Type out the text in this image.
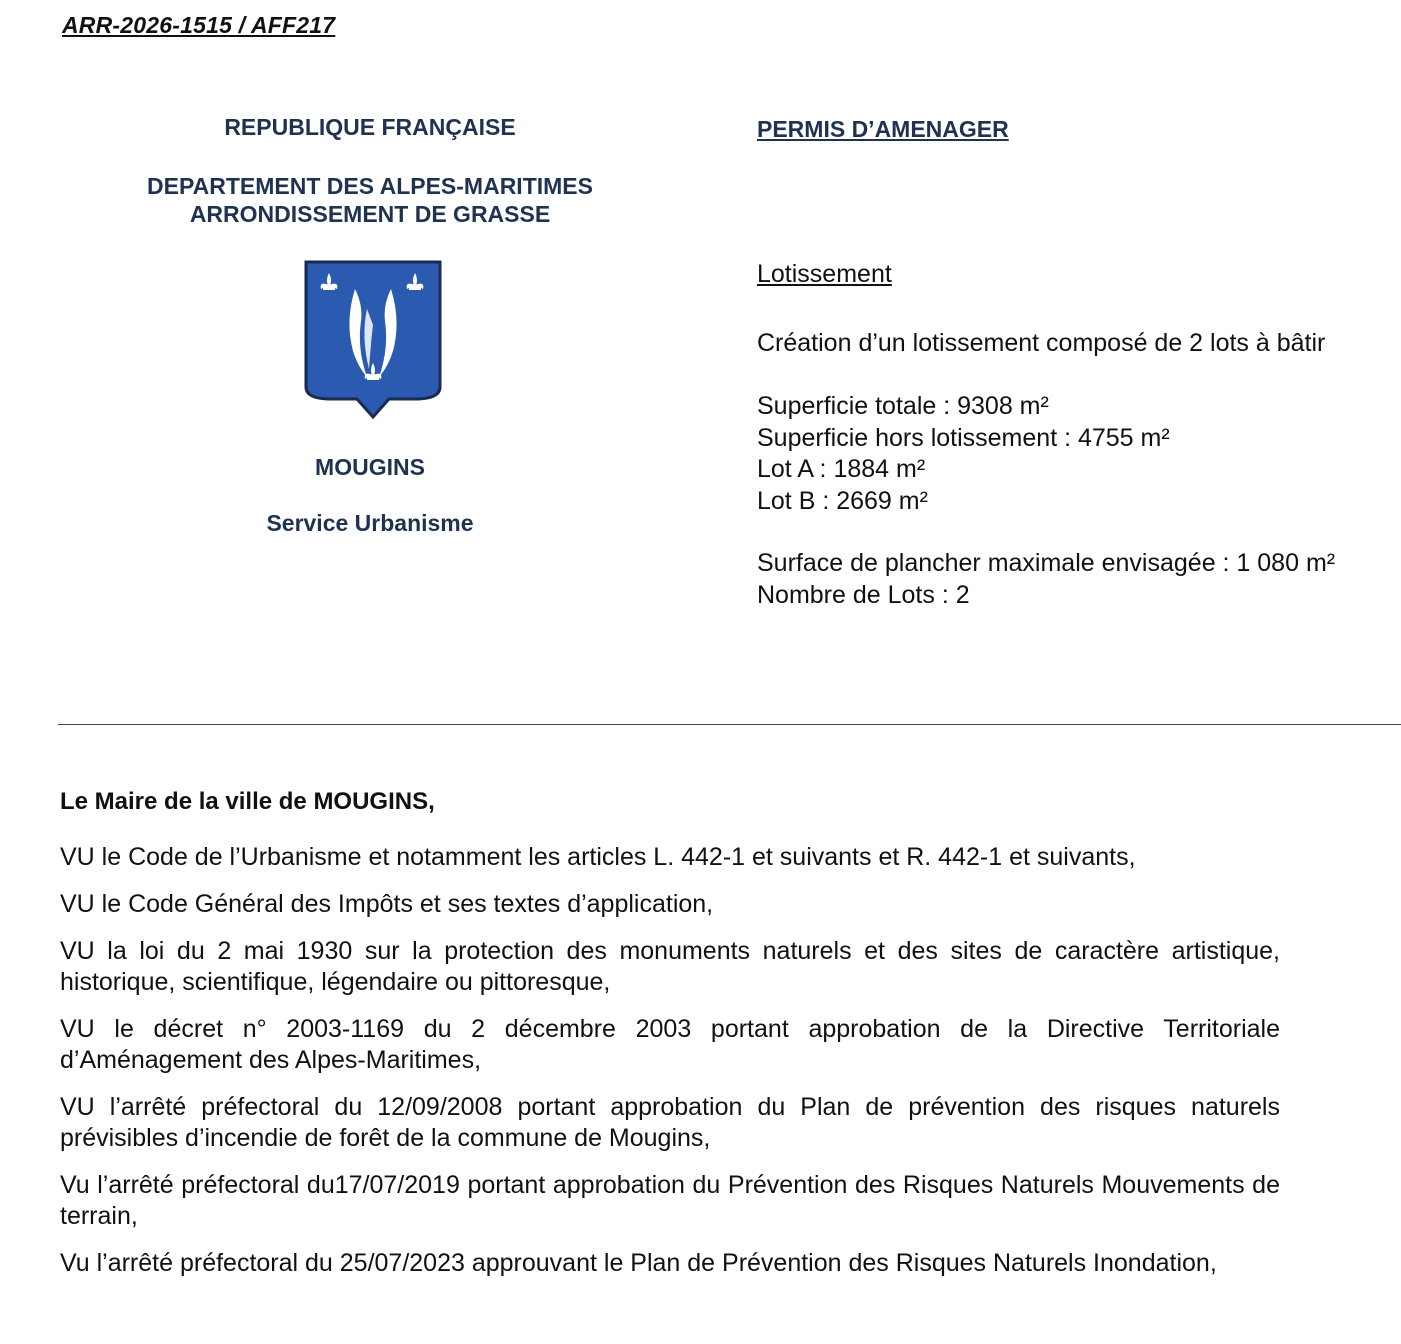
ARR-2026-1515 / AFF217
REPUBLIQUE FRANÇAISE
DEPARTEMENT DES ALPES-MARITIMES
ARRONDISSEMENT DE GRASSE
MOUGINS
Service Urbanisme
PERMIS D’AMENAGER
Lotissement
Création d’un lotissement composé de 2 lots à bâtir
Superficie totale : 9308 m²
Superficie hors lotissement : 4755 m²
Lot A : 1884 m²
Lot B : 2669 m²
Surface de plancher maximale envisagée : 1 080 m²
Nombre de Lots : 2

Le Maire de la ville de MOUGINS,

VU le Code de l’Urbanisme et notamment les articles L. 442-1 et suivants et R. 442-1 et suivants,

VU le Code Général des Impôts et ses textes d’application,

VU la loi du 2 mai 1930 sur la protection des monuments naturels et des sites de caractère artistique, historique, scientifique, légendaire ou pittoresque,

VU le décret n° 2003-1169 du 2 décembre 2003 portant approbation de la Directive Territoriale d’Aménagement des Alpes-Maritimes,

VU l’arrêté préfectoral du 12/09/2008 portant approbation du Plan de prévention des risques naturels prévisibles d’incendie de forêt de la commune de Mougins,

Vu l’arrêté préfectoral du17/07/2019 portant approbation du Prévention des Risques Naturels Mouvements de terrain,

Vu l’arrêté préfectoral du 25/07/2023 approuvant le Plan de Prévention des Risques Naturels Inondation,
